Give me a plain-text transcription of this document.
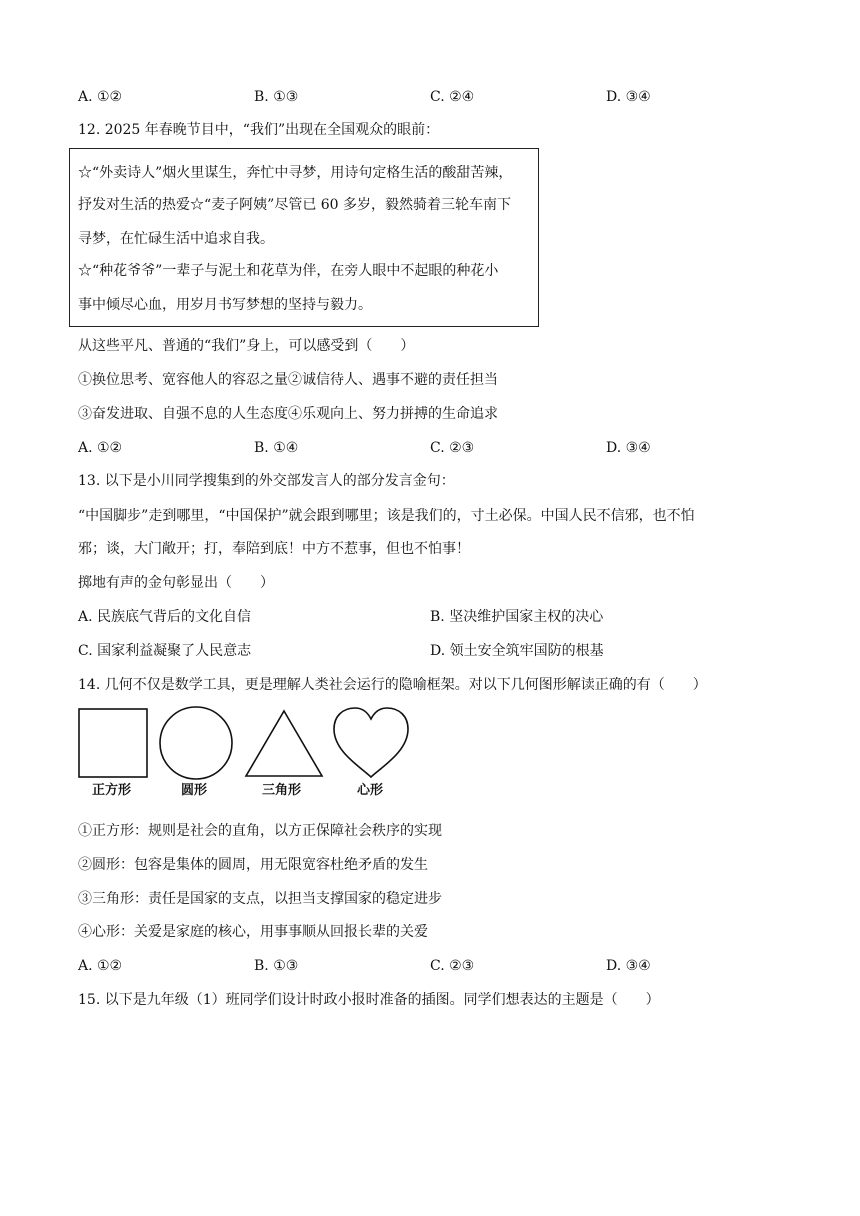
A. ①②	B. ①③	C. ②④	D. ③④
12. 2025 年春晚节目中，“我们”出现在全国观众的眼前：
☆“外卖诗人”烟火里谋生，奔忙中寻梦，用诗句定格生活的酸甜苦辣，
抒发对生活的热爱☆“麦子阿姨”尽管已 60 多岁，毅然骑着三轮车南下
寻梦，在忙碌生活中追求自我。
☆“种花爷爷”一辈子与泥土和花草为伴，在旁人眼中不起眼的种花小
事中倾尽心血，用岁月书写梦想的坚持与毅力。
从这些平凡、普通的“我们”身上，可以感受到（　　）
①换位思考、宽容他人的容忍之量②诚信待人、遇事不避的责任担当
③奋发进取、自强不息的人生态度④乐观向上、努力拼搏的生命追求
A. ①②	B. ①④	C. ②③	D. ③④
13. 以下是小川同学搜集到的外交部发言人的部分发言金句：
“中国脚步”走到哪里，“中国保护”就会跟到哪里；该是我们的，寸土必保。中国人民不信邪，也不怕
邪；谈，大门敞开；打，奉陪到底！中方不惹事，但也不怕事！
掷地有声的金句彰显出（　　）
A. 民族底气背后的文化自信	B. 坚决维护国家主权的决心
C. 国家利益凝聚了人民意志	D. 领土安全筑牢国防的根基
14. 几何不仅是数学工具，更是理解人类社会运行的隐喻框架。对以下几何图形解读正确的有（　　）
正方形	圆形	三角形	心形
①正方形：规则是社会的直角，以方正保障社会秩序的实现
②圆形：包容是集体的圆周，用无限宽容杜绝矛盾的发生
③三角形：责任是国家的支点，以担当支撑国家的稳定进步
④心形：关爱是家庭的核心，用事事顺从回报长辈的关爱
A. ①②	B. ①③	C. ②③	D. ③④
15. 以下是九年级（1）班同学们设计时政小报时准备的插图。同学们想表达的主题是（　　）
